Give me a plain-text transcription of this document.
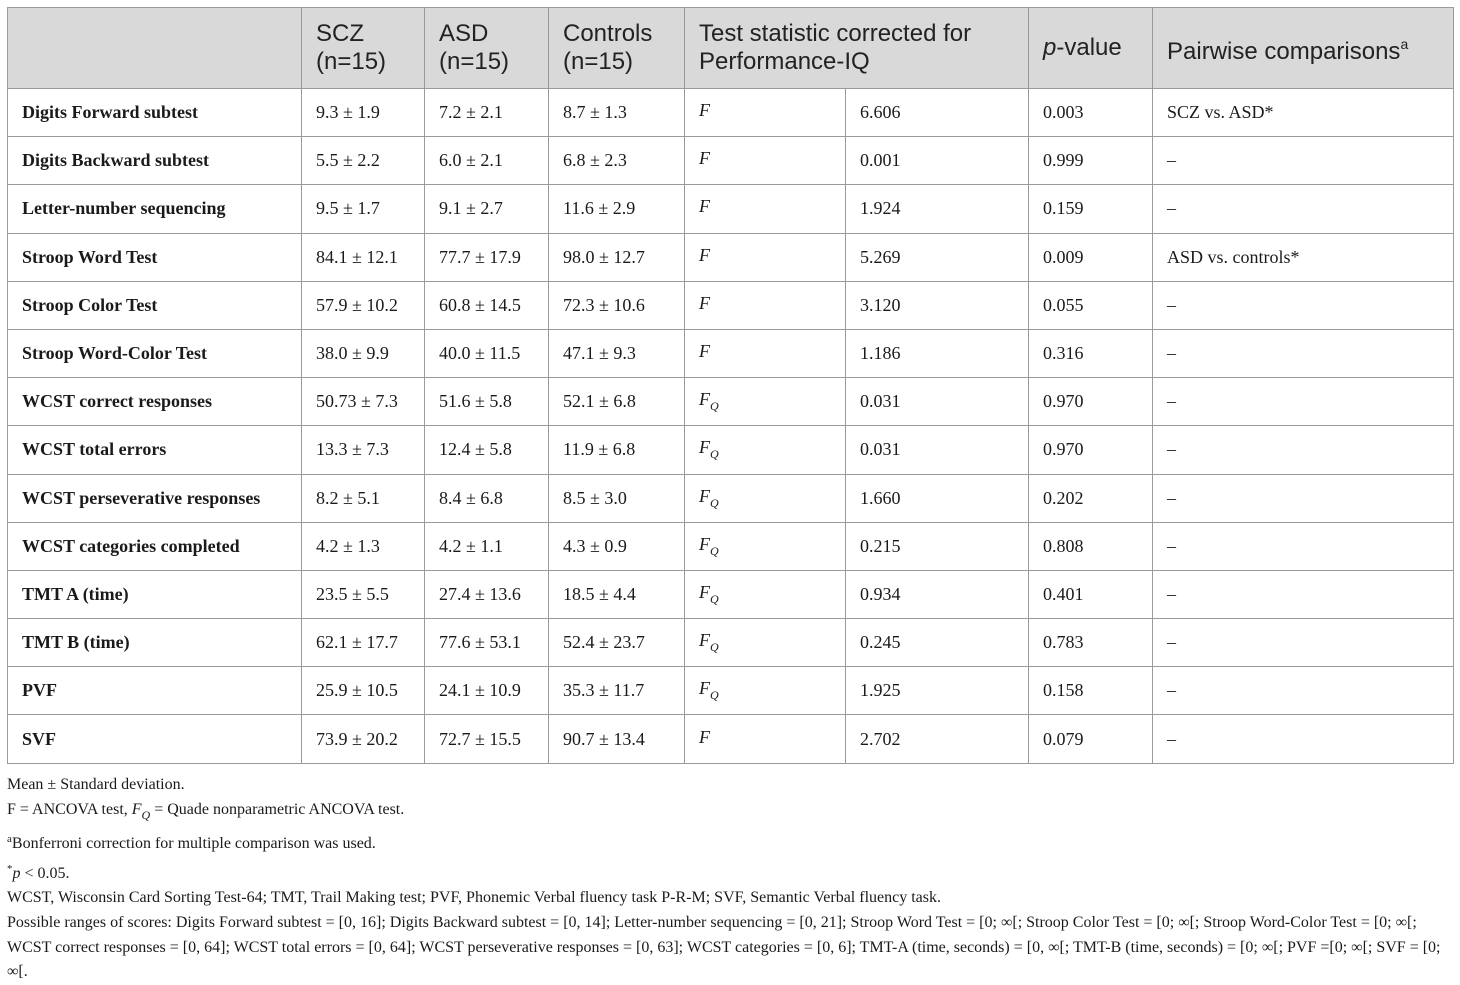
	SCZ (n=15)	ASD (n=15)	Controls (n=15)	Test statistic corrected for Performance-IQ		p-value	Pairwise comparisons$^a$
Digits Forward subtest	9.3 ± 1.9	7.2 ± 2.1	8.7 ± 1.3	F	6.606	0.003	SCZ vs. ASD*
Digits Backward subtest	5.5 ± 2.2	6.0 ± 2.1	6.8 ± 2.3	F	0.001	0.999	–
Letter-number sequencing	9.5 ± 1.7	9.1 ± 2.7	11.6 ± 2.9	F	1.924	0.159	–
Stroop Word Test	84.1 ± 12.1	77.7 ± 17.9	98.0 ± 12.7	F	5.269	0.009	ASD vs. controls*
Stroop Color Test	57.9 ± 10.2	60.8 ± 14.5	72.3 ± 10.6	F	3.120	0.055	–
Stroop Word-Color Test	38.0 ± 9.9	40.0 ± 11.5	47.1 ± 9.3	F	1.186	0.316	–
WCST correct responses	50.73 ± 7.3	51.6 ± 5.8	52.1 ± 6.8	$F_Q$	0.031	0.970	–
WCST total errors	13.3 ± 7.3	12.4 ± 5.8	11.9 ± 6.8	$F_Q$	0.031	0.970	–
WCST perseverative responses	8.2 ± 5.1	8.4 ± 6.8	8.5 ± 3.0	$F_Q$	1.660	0.202	–
WCST categories completed	4.2 ± 1.3	4.2 ± 1.1	4.3 ± 0.9	$F_Q$	0.215	0.808	–
TMT A (time)	23.5 ± 5.5	27.4 ± 13.6	18.5 ± 4.4	$F_Q$	0.934	0.401	–
TMT B (time)	62.1 ± 17.7	77.6 ± 53.1	52.4 ± 23.7	$F_Q$	0.245	0.783	–
PVF	25.9 ± 10.5	24.1 ± 10.9	35.3 ± 11.7	$F_Q$	1.925	0.158	–
SVF	73.9 ± 20.2	72.7 ± 15.5	90.7 ± 13.4	F	2.702	0.079	–

Mean ± Standard deviation.

F = ANCOVA test, $F_Q$ = Quade nonparametric ANCOVA test.

$^a$Bonferroni correction for multiple comparison was used.

*p < 0.05.

WCST, Wisconsin Card Sorting Test-64; TMT, Trail Making test; PVF, Phonemic Verbal fluency task P-R-M; SVF, Semantic Verbal fluency task.

Possible ranges of scores: Digits Forward subtest = [0, 16]; Digits Backward subtest = [0, 14]; Letter-number sequencing = [0, 21]; Stroop Word Test = [0; ∞[; Stroop Color Test = [0; ∞[; Stroop Word-Color Test = [0; ∞[; WCST correct responses = [0, 64]; WCST total errors = [0, 64]; WCST perseverative responses = [0, 63]; WCST categories = [0, 6]; TMT-A (time, seconds) = [0, ∞[; TMT-B (time, seconds) = [0; ∞[; PVF =[0; ∞[; SVF = [0; ∞[.
